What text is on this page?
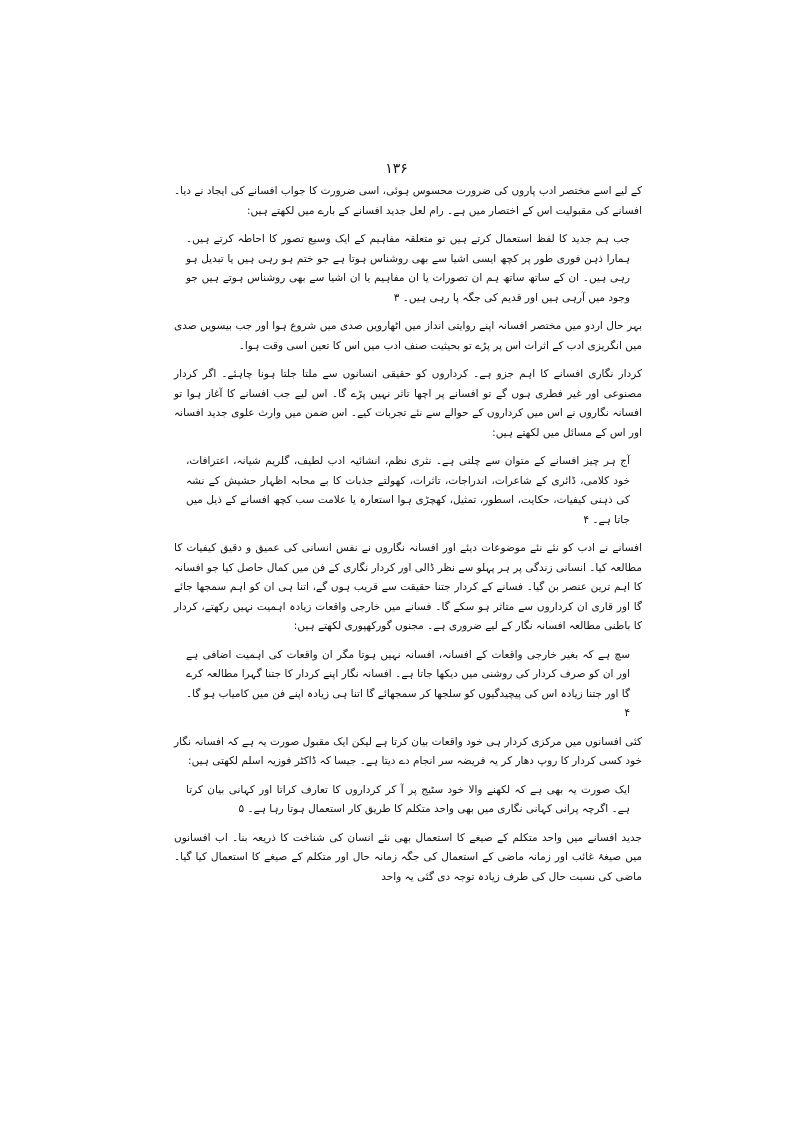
۱۳۶

کے لیے اسے مختصر ادب پاروں کی ضرورت محسوس ہوئی، اسی ضرورت کا جواب افسانے کی ایجاد نے دیا۔ افسانے کی مقبولیت اس کے اختصار میں ہے۔ رام لعل جدید افسانے کے بارے میں لکھتے ہیں:

جب ہم جدید کا لفظ استعمال کرتے ہیں تو متعلقہ مفاہیم کے ایک وسیع تصور کا احاطہ کرتے ہیں۔ ہمارا ذہن فوری طور پر کچھ ایسی اشیا سے بھی روشناس ہوتا ہے جو ختم ہو رہی ہیں یا تبدیل ہو رہی ہیں۔ ان کے ساتھ ساتھ ہم ان تصورات یا ان مفاہیم یا ان اشیا سے بھی روشناس ہوتے ہیں جو وجود میں آرہی ہیں اور قدیم کی جگہ پا رہی ہیں۔ ۳

بہر حال اردو میں مختصر افسانہ اپنے روایتی انداز میں اٹھارویں صدی میں شروع ہوا اور جب بیسویں صدی میں انگریزی ادب کے اثرات اس پر پڑے تو بحیثیت صنف ادب میں اس کا تعین اسی وقت ہوا۔

کردار نگاری افسانے کا اہم جزو ہے۔ کرداروں کو حقیقی انسانوں سے ملتا جلتا ہونا چاہئے۔ اگر کردار مصنوعی اور غیر فطری ہوں گے تو افسانے پر اچھا تاثر نہیں پڑے گا۔ اس لیے جب افسانے کا آغاز ہوا تو افسانہ نگاروں نے اس میں کرداروں کے حوالے سے نئے تجربات کیے۔ اس ضمن میں وارث علوی جدید افسانہ اور اس کے مسائل میں لکھتے ہیں:

آج ہر چیز افسانے کے متوان سے چلتی ہے۔ نثری نظم، انشائیہ ادب لطیف، گلریم شیانہ، اعترافات، خود کلامی، ڈائری کے شاعرات، اندراجات، تاثرات، کھولتے جذبات کا بے محابہ اظہار حشیش کے نشہ کی ذہنی کیفیات، حکایت، اسطور، تمثیل، کھچڑی ہوا استعارہ یا علامت سب کچھ افسانے کے ذیل میں جاتا ہے۔ ۴

افسانے نے ادب کو نئے نئے موضوعات دیئے اور افسانہ نگاروں نے نفس انسانی کی عمیق و دقیق کیفیات کا مطالعہ کیا۔ انسانی زندگی پر ہر پہلو سے نظر ڈالی اور کردار نگاری کے فن میں کمال حاصل کیا جو افسانہ کا اہم ترین عنصر بن گیا۔ فسانے کے کردار جتنا حقیقت سے قریب ہوں گے، اتنا ہی ان کو اہم سمجھا جائے گا اور قاری ان کرداروں سے متاثر ہو سکے گا۔ فسانے میں خارجی واقعات زیادہ اہمیت نہیں رکھتے، کردار کا باطنی مطالعہ افسانہ نگار کے لیے ضروری ہے۔ مجنوں گورکھپوری لکھتے ہیں:

سچ ہے کہ بغیر خارجی واقعات کے افسانہ، افسانہ نہیں ہوتا مگر ان واقعات کی اہمیت اضافی ہے اور ان کو صرف کردار کی روشنی میں دیکھا جاتا ہے۔ افسانہ نگار اپنے کردار کا جتنا گہرا مطالعہ کرے گا اور جتنا زیادہ اس کی پیچیدگیوں کو سلجھا کر سمجھائے گا اتنا ہی زیادہ اپنے فن میں کامیاب ہو گا۔ ۴

کئی افسانوں میں مرکزی کردار ہی خود واقعات بیان کرتا ہے لیکن ایک مقبول صورت یہ ہے کہ افسانہ نگار خود کسی کردار کا روپ دھار کر یہ فریضہ سر انجام دے دیتا ہے۔ جیسا کہ ڈاکٹر فوزیہ اسلم لکھتی ہیں:

ایک صورت یہ بھی ہے کہ لکھنے والا خود سٹیج پر آ کر کرداروں کا تعارف کراتا اور کہانی بیان کرتا ہے۔ اگرچہ پرانی کہانی نگاری میں بھی واحد متکلم کا طریق کار استعمال ہوتا رہا ہے۔ ۵

جدید افسانے میں واحد متکلم کے صیغے کا استعمال بھی نئے انسان کی شناخت کا ذریعہ بنا۔ اب افسانوں میں صیغۂ غائب اور زمانہ ماضی کے استعمال کی جگہ زمانہ حال اور متکلم کے صیغے کا استعمال کیا گیا۔ ماضی کی نسبت حال کی طرف زیادہ توجہ دی گئی یہ واحد
